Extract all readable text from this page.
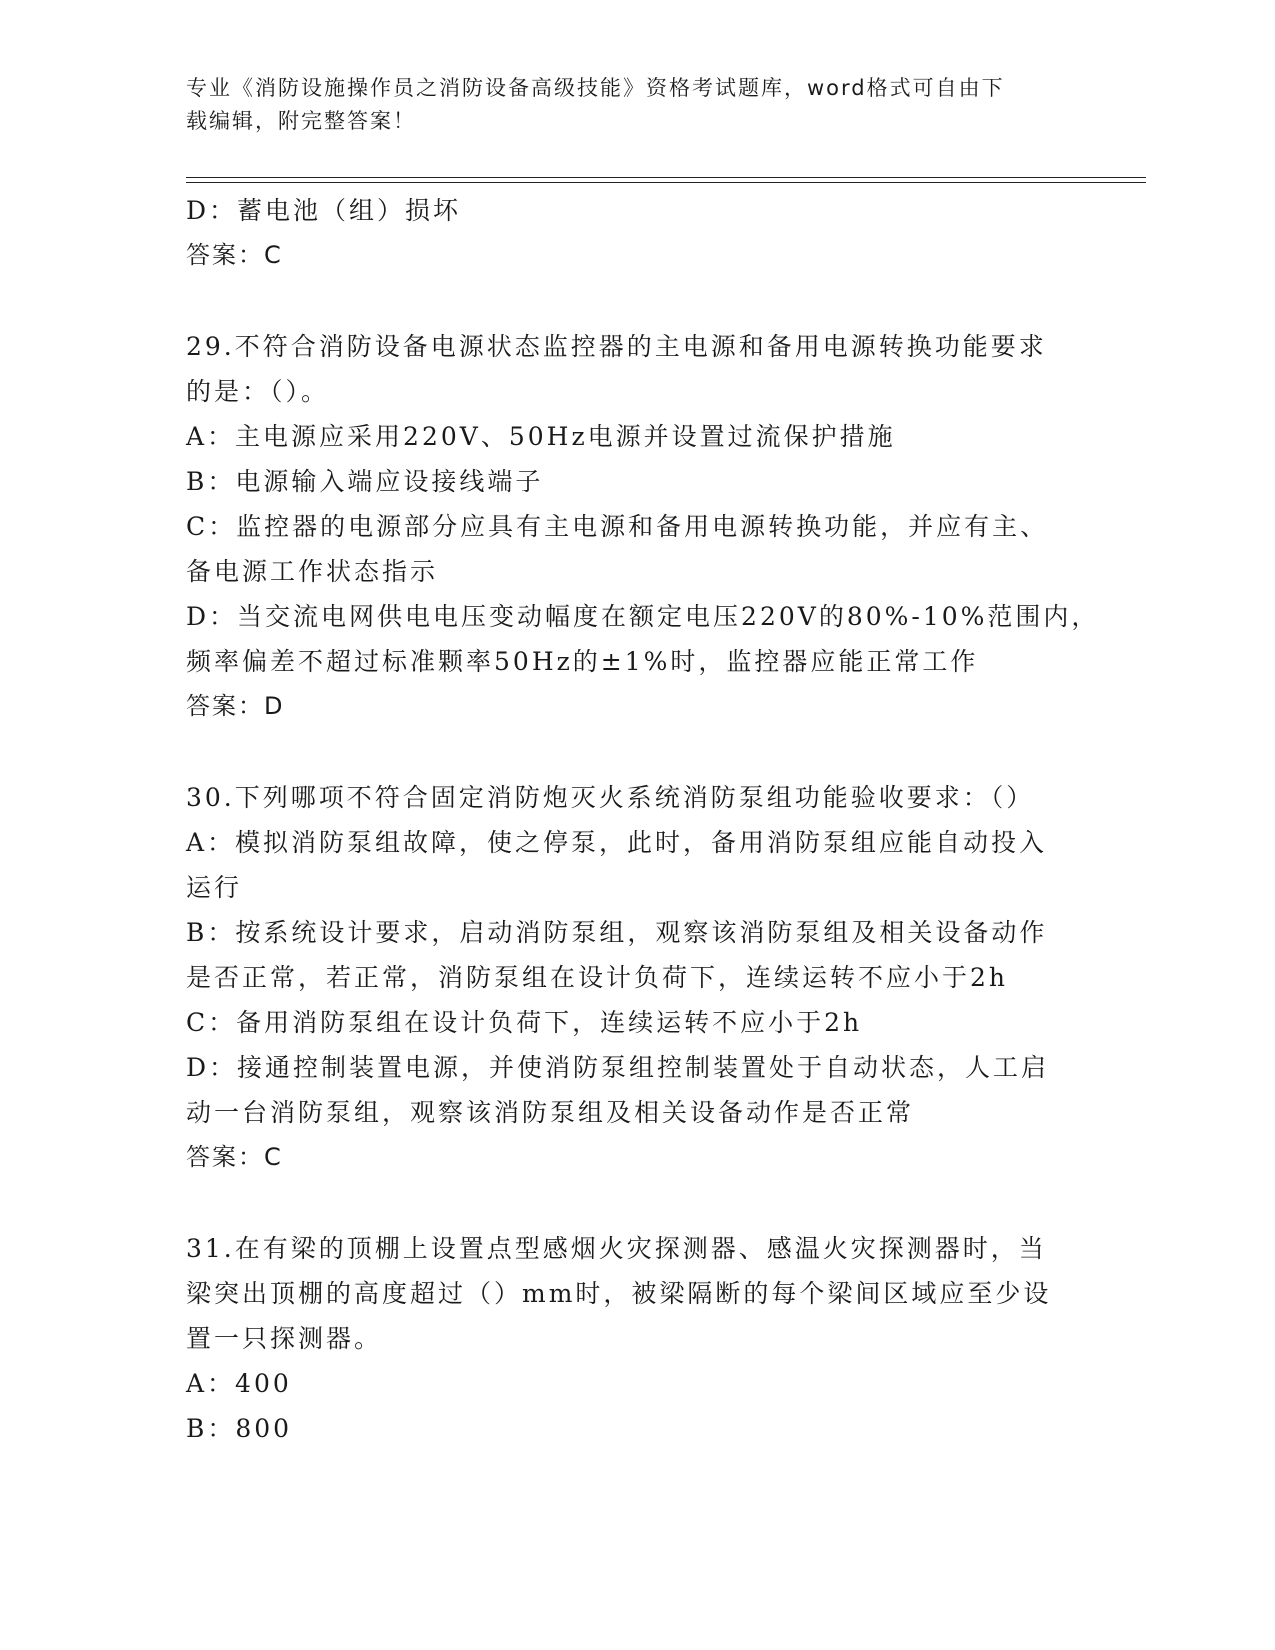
专业《消防设施操作员之消防设备高级技能》资格考试题库，word格式可自由下
载编辑，附完整答案！
D：蓄电池（组）损坏
答案：C
29.不符合消防设备电源状态监控器的主电源和备用电源转换功能要求
的是：（）。
A：主电源应采用220V、50Hz电源并设置过流保护措施
B：电源输入端应设接线端子
C：监控器的电源部分应具有主电源和备用电源转换功能，并应有主、
备电源工作状态指示
D：当交流电网供电电压变动幅度在额定电压220V的80%-10%范围内，
频率偏差不超过标准颗率50Hz的±1%时，监控器应能正常工作
答案：D
30.下列哪项不符合固定消防炮灭火系统消防泵组功能验收要求：（）
A：模拟消防泵组故障，使之停泵，此时，备用消防泵组应能自动投入
运行
B：按系统设计要求，启动消防泵组，观察该消防泵组及相关设备动作
是否正常，若正常，消防泵组在设计负荷下，连续运转不应小于2h
C：备用消防泵组在设计负荷下，连续运转不应小于2h
D：接通控制装置电源，并使消防泵组控制装置处于自动状态，人工启
动一台消防泵组，观察该消防泵组及相关设备动作是否正常
答案：C
31.在有梁的顶棚上设置点型感烟火灾探测器、感温火灾探测器时，当
梁突出顶棚的高度超过（）mm时，被梁隔断的每个梁间区域应至少设
置一只探测器。
A：400
B：800
